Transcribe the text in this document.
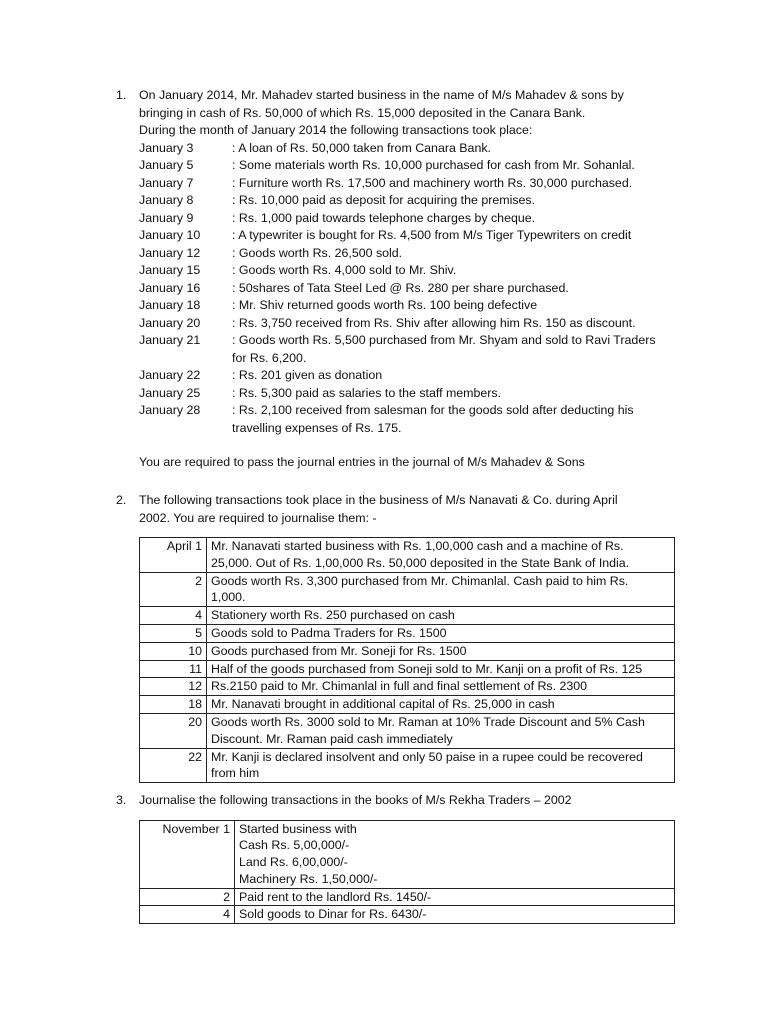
1. On January 2014, Mr. Mahadev started business in the name of M/s Mahadev & sons by
bringing in cash of Rs. 50,000 of which Rs. 15,000 deposited in the Canara Bank.
During the month of January 2014 the following transactions took place:
January 3	: A loan of Rs. 50,000 taken from Canara Bank.
January 5	: Some materials worth Rs. 10,000 purchased for cash from Mr. Sohanlal.
January 7	: Furniture worth Rs. 17,500 and machinery worth Rs. 30,000 purchased.
January 8	: Rs. 10,000 paid as deposit for acquiring the premises.
January 9	: Rs. 1,000 paid towards telephone charges by cheque.
January 10	: A typewriter is bought for Rs. 4,500 from M/s Tiger Typewriters on credit
January 12	: Goods worth Rs. 26,500 sold.
January 15	: Goods worth Rs. 4,000 sold to Mr. Shiv.
January 16	: 50shares of Tata Steel Led @ Rs. 280 per share purchased.
January 18	: Mr. Shiv returned goods worth Rs. 100 being defective
January 20	: Rs. 3,750 received from Rs. Shiv after allowing him Rs. 150 as discount.
January 21	: Goods worth Rs. 5,500 purchased from Mr. Shyam and sold to Ravi Traders
for Rs. 6,200.
January 22	: Rs. 201 given as donation
January 25	: Rs. 5,300 paid as salaries to the staff members.
January 28	: Rs. 2,100 received from salesman for the goods sold after deducting his
travelling expenses of Rs. 175.
You are required to pass the journal entries in the journal of M/s Mahadev & Sons
2. The following transactions took place in the business of M/s Nanavati & Co. during April
2002. You are required to journalise them: -
April 1	Mr. Nanavati started business with Rs. 1,00,000 cash and a machine of Rs.
25,000. Out of Rs. 1,00,000 Rs. 50,000 deposited in the State Bank of India.

2	Goods worth Rs. 3,300 purchased from Mr. Chimanlal. Cash paid to him Rs.
1,000.

4	Stationery worth Rs. 250 purchased on cash

5	Goods sold to Padma Traders for Rs. 1500

10	Goods purchased from Mr. Soneji for Rs. 1500

11	Half of the goods purchased from Soneji sold to Mr. Kanji on a profit of Rs. 125

12	Rs.2150 paid to Mr. Chimanlal in full and final settlement of Rs. 2300

18	Mr. Nanavati brought in additional capital of Rs. 25,000 in cash

20	Goods worth Rs. 3000 sold to Mr. Raman at 10% Trade Discount and 5% Cash
Discount. Mr. Raman paid cash immediately

22	Mr. Kanji is declared insolvent and only 50 paise in a rupee could be recovered
from him
3. Journalise the following transactions in the books of M/s Rekha Traders – 2002
November 1	Started business with
Cash Rs. 5,00,000/-
Land Rs. 6,00,000/-
Machinery Rs. 1,50,000/-

2	Paid rent to the landlord Rs. 1450/-

4	Sold goods to Dinar for Rs. 6430/-
